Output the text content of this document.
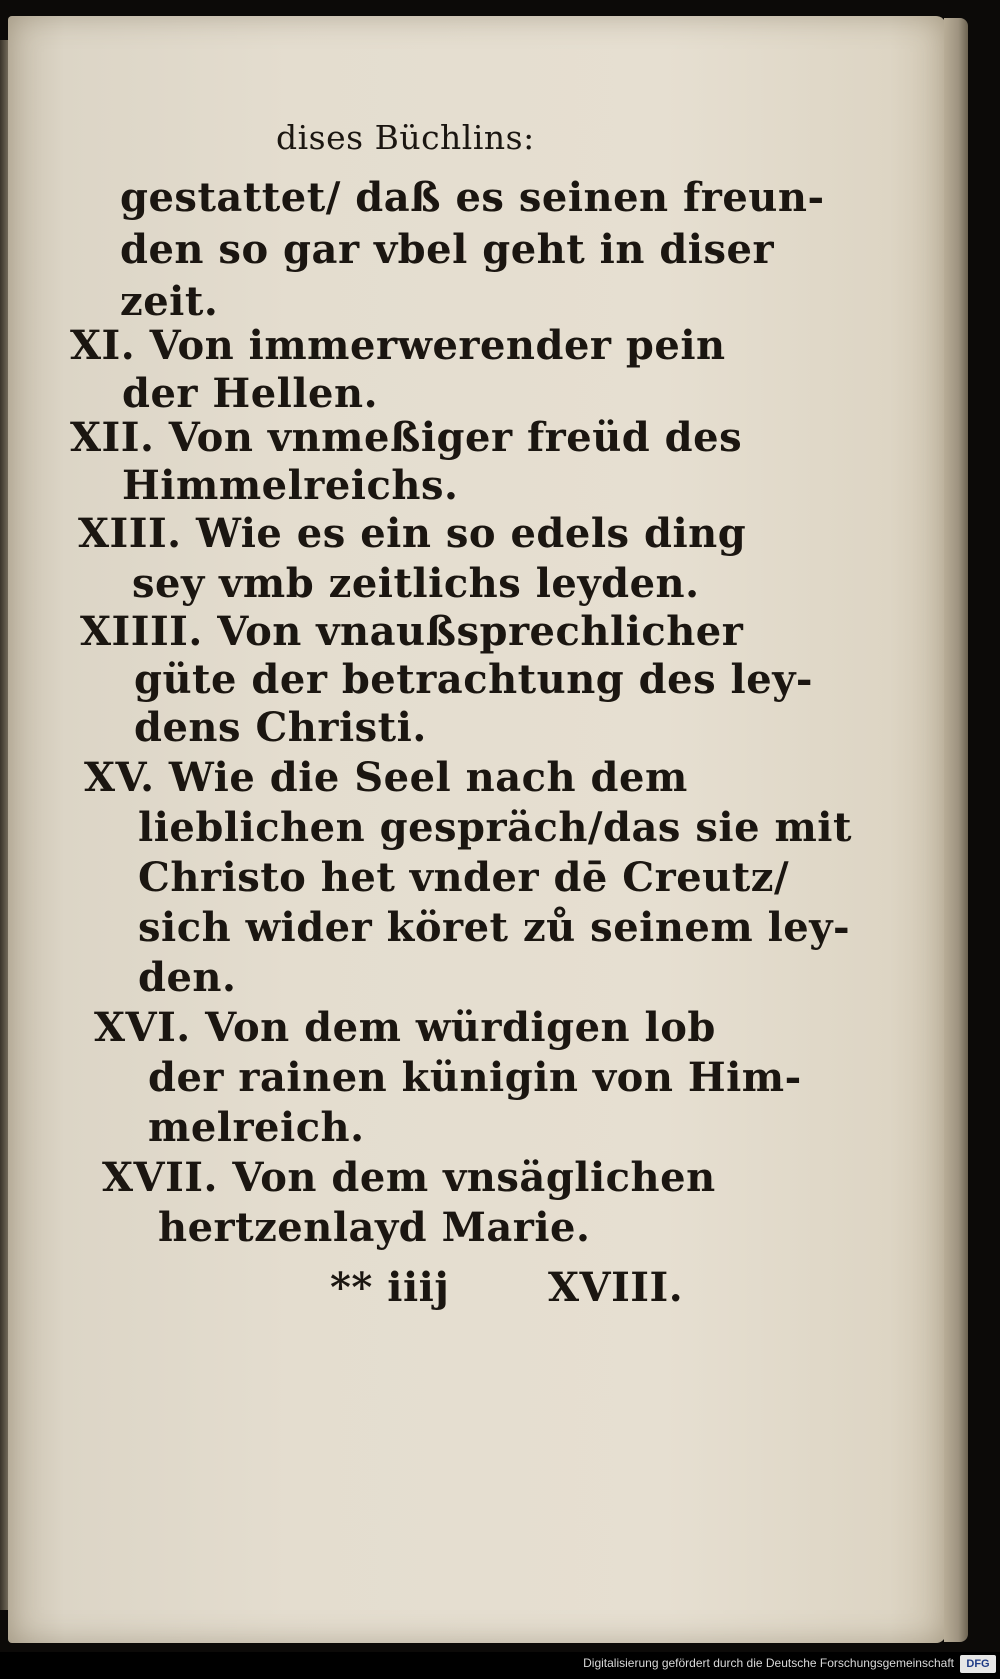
dises Büchlins:
gestattet/ daß es seinen freun-
den so gar vbel geht in diser
zeit.
XI. Von immerwerender pein
der Hellen.
XII. Von vnmeßiger freüd des
Himmelreichs.
XIII. Wie es ein so edels ding
sey vmb zeitlichs leyden.
XIIII. Von vnaußsprechlicher
güte der betrachtung des ley-
dens Christi.
XV. Wie die Seel nach dem
lieblichen gespräch/das sie mit
Christo het vnder dē Creutz/
sich wider köret zů seinem ley-
den.
XVI. Von dem würdigen lob
der rainen künigin von Him-
melreich.
XVII. Von dem vnsäglichen
hertzenlayd Marie.
** iiij XVIII.
Digitalisierung gefördert durch die Deutsche Forschungsgemeinschaft	DFG
